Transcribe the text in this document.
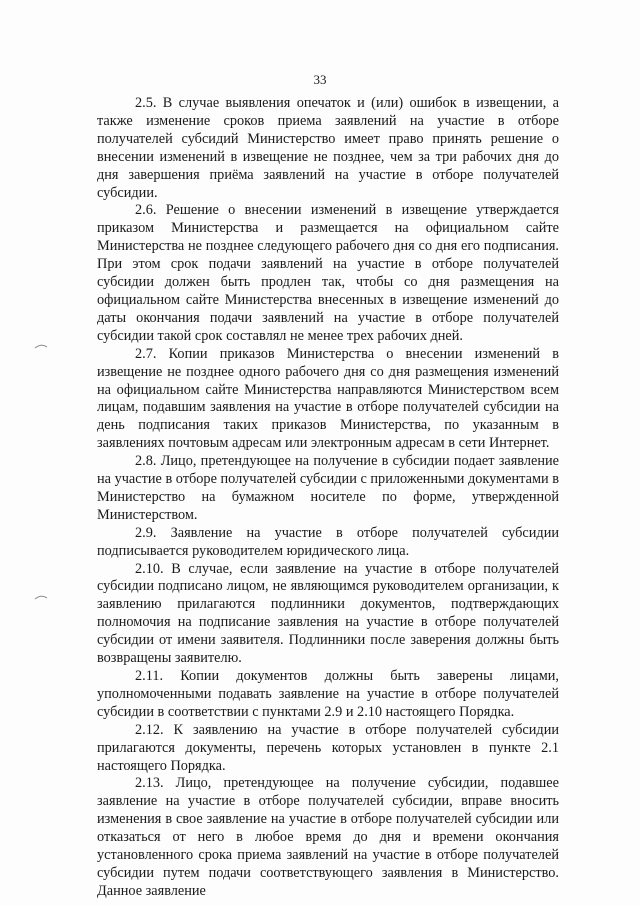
33

2.5. В случае выявления опечаток и (или) ошибок в извещении, а также изменение сроков приема заявлений на участие в отборе получателей субсидий Министерство имеет право принять решение о внесении изменений в извещение не позднее, чем за три рабочих дня до дня завершения приёма заявлений на участие в отборе получателей субсидии.

2.6. Решение о внесении изменений в извещение утверждается приказом Министерства и размещается на официальном сайте Министерства не позднее следующего рабочего дня со дня его подписания. При этом срок подачи заявлений на участие в отборе получателей субсидии должен быть продлен так, чтобы со дня размещения на официальном сайте Министерства внесенных в извещение изменений до даты окончания подачи заявлений на участие в отборе получателей субсидии такой срок составлял не менее трех рабочих дней.

2.7. Копии приказов Министерства о внесении изменений в извещение не позднее одного рабочего дня со дня размещения изменений на официальном сайте Министерства направляются Министерством всем лицам, подавшим заявления на участие в отборе получателей субсидии на день подписания таких приказов Министерства, по указанным в заявлениях почтовым адресам или электронным адресам в сети Интернет.

2.8. Лицо, претендующее на получение в субсидии подает заявление на участие в отборе получателей субсидии с приложенными документами в Министерство на бумажном носителе по форме, утвержденной Министерством.

2.9. Заявление на участие в отборе получателей субсидии подписывается руководителем юридического лица.

2.10. В случае, если заявление на участие в отборе получателей субсидии подписано лицом, не являющимся руководителем организации, к заявлению прилагаются подлинники документов, подтверждающих полномочия на подписание заявления на участие в отборе получателей субсидии от имени заявителя. Подлинники после заверения должны быть возвращены заявителю.

2.11. Копии документов должны быть заверены лицами, уполномоченными подавать заявление на участие в отборе получателей субсидии в соответствии с пунктами 2.9 и 2.10 настоящего Порядка.

2.12. К заявлению на участие в отборе получателей субсидии прилагаются документы, перечень которых установлен в пункте 2.1 настоящего Порядка.

2.13. Лицо, претендующее на получение субсидии, подавшее заявление на участие в отборе получателей субсидии, вправе вносить изменения в свое заявление на участие в отборе получателей субсидии или отказаться от него в любое время до дня и времени окончания установленного срока приема заявлений на участие в отборе получателей субсидии путем подачи соответствующего заявления в Министерство. Данное заявление
